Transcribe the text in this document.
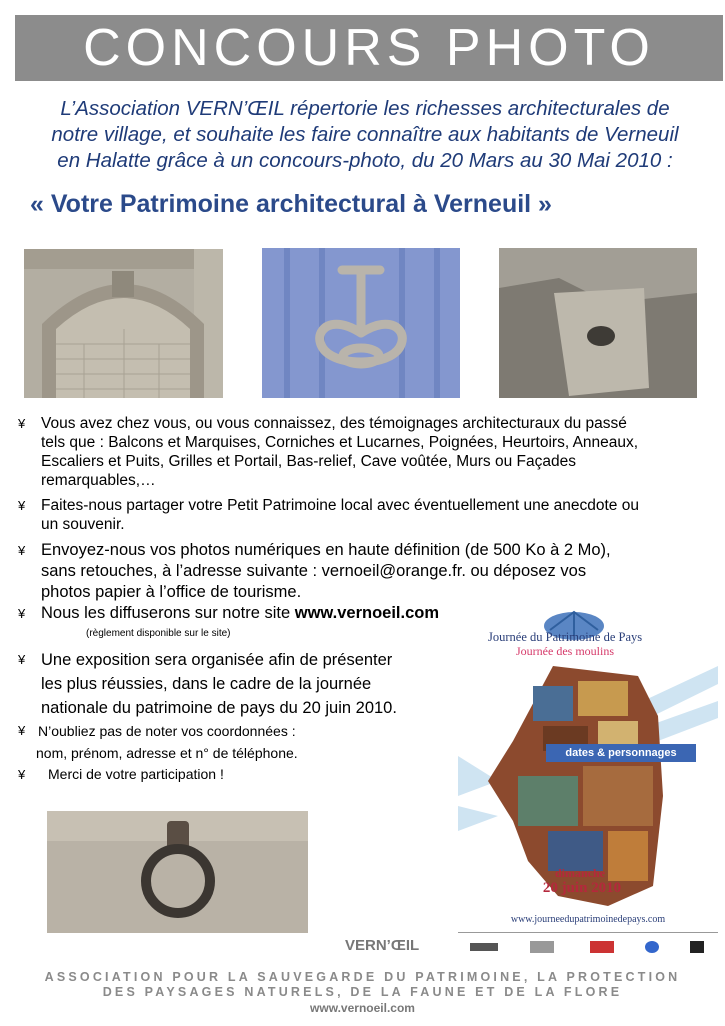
CONCOURS PHOTO
L’Association VERN’ŒIL répertorie les richesses architecturales de
notre village, et souhaite les faire connaître aux habitants de Verneuil
en Halatte grâce à un concours-photo, du 20 Mars au 30 Mai 2010 :
« Votre Patrimoine architectural à Verneuil »
¥ Vous avez chez vous, ou vous connaissez, des témoignages architecturaux du passé
tels que : Balcons et Marquises, Corniches et Lucarnes, Poignées, Heurtoirs, Anneaux,
Escaliers et Puits, Grilles et Portail, Bas-relief, Cave voûtée, Murs ou Façades
remarquables,…
¥ Faites-nous partager votre Petit Patrimoine local avec éventuellement une anecdote ou
un souvenir.
¥ Envoyez-nous vos photos numériques en haute définition (de 500 Ko à 2 Mo),
sans retouches, à l’adresse suivante : vernoeil@orange.fr. ou déposez vos
photos papier à l’office de tourisme.
¥ Nous les diffuserons sur notre site www.vernoeil.com
(règlement disponible sur le site)
¥ Une exposition sera organisée afin de présenter
les plus réussies, dans le cadre de la journée
nationale du patrimoine de pays du 20 juin 2010.
¥ N’oubliez pas de noter vos coordonnées :
nom, prénom, adresse et n° de téléphone.
¥ Merci de votre participation !
Journée du Patrimoine de Pays
Journée des moulins
dates & personnages
dimanche
20 juin 2010
www.journeedupatrimoinedepays.com
VERN’ŒIL
ASSOCIATION POUR LA SAUVEGARDE DU PATRIMOINE, LA PROTECTION
DES PAYSAGES NATURELS, DE LA FAUNE ET DE LA FLORE
www.vernoeil.com
